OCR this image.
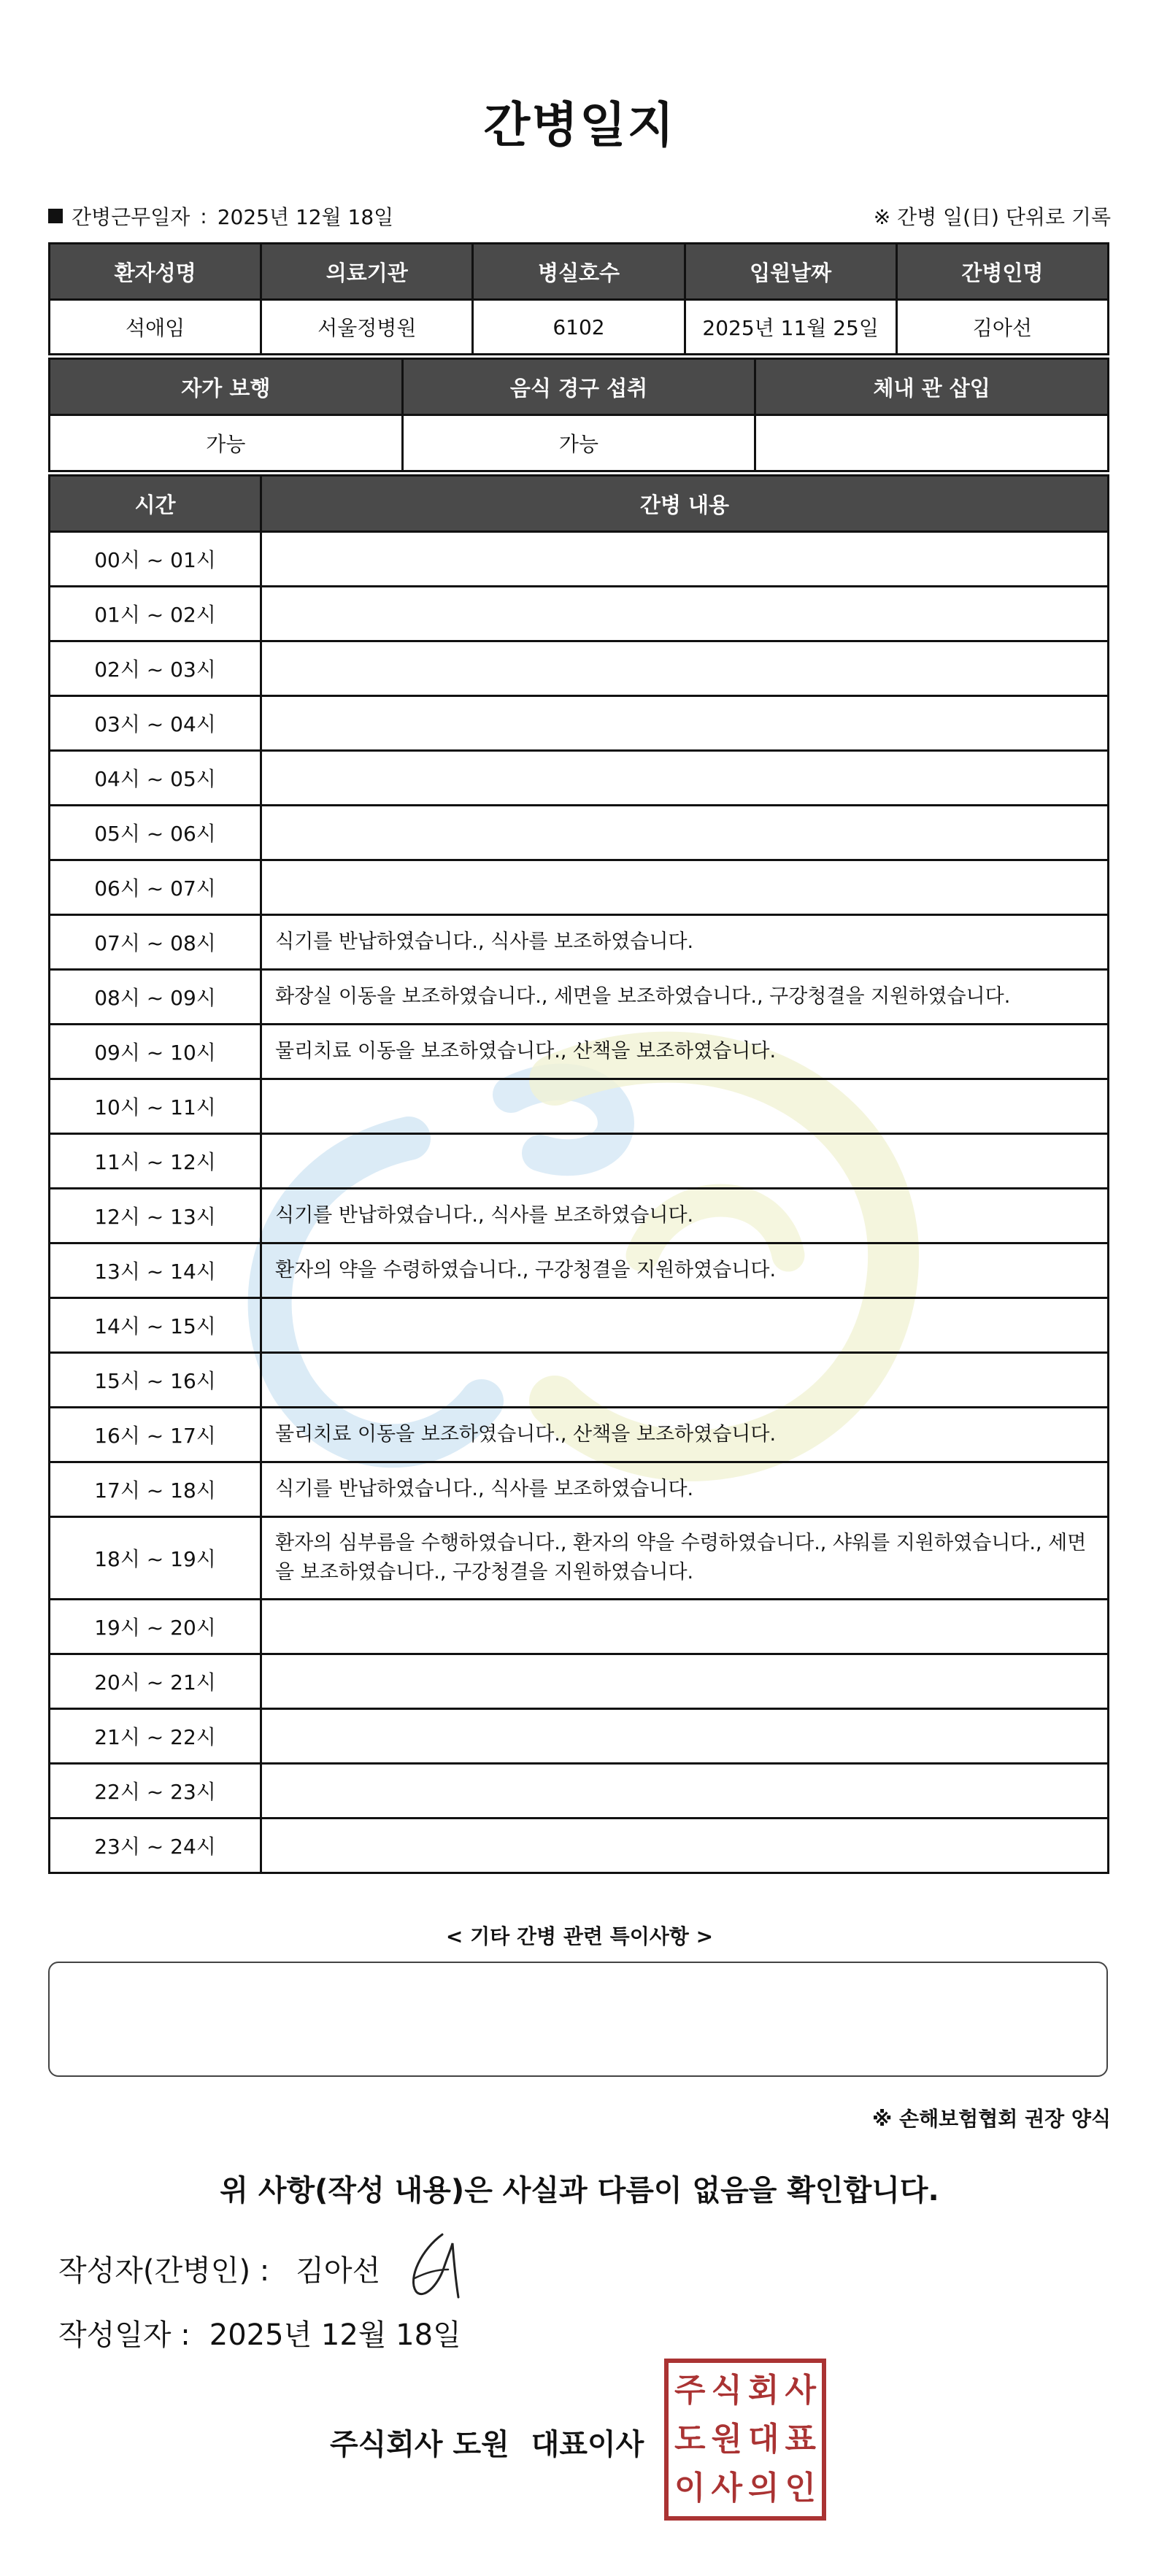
간병일지
간병근무일자 : 2025년 12월 18일	※ 간병 일(日) 단위로 기록
환자성명	의료기관	병실호수	입원날짜	간병인명
석애임	서울정병원	6102	2025년 11월 25일	김아선
자가 보행	음식 경구 섭취	체내 관 삽입
가능	가능	
시간	간병 내용
00시 ~ 01시	
01시 ~ 02시	
02시 ~ 03시	
03시 ~ 04시	
04시 ~ 05시	
05시 ~ 06시	
06시 ~ 07시	
07시 ~ 08시	식기를 반납하였습니다., 식사를 보조하였습니다.
08시 ~ 09시	화장실 이동을 보조하였습니다., 세면을 보조하였습니다., 구강청결을 지원하였습니다.
09시 ~ 10시	물리치료 이동을 보조하였습니다., 산책을 보조하였습니다.
10시 ~ 11시	
11시 ~ 12시	
12시 ~ 13시	식기를 반납하였습니다., 식사를 보조하였습니다.
13시 ~ 14시	환자의 약을 수령하였습니다., 구강청결을 지원하였습니다.
14시 ~ 15시	
15시 ~ 16시	
16시 ~ 17시	물리치료 이동을 보조하였습니다., 산책을 보조하였습니다.
17시 ~ 18시	식기를 반납하였습니다., 식사를 보조하였습니다.
18시 ~ 19시	환자의 심부름을 수행하였습니다., 환자의 약을 수령하였습니다., 샤워를 지원하였습니다., 세면을 보조하였습니다., 구강청결을 지원하였습니다.
19시 ~ 20시	
20시 ~ 21시	
21시 ~ 22시	
22시 ~ 23시	
23시 ~ 24시	
< 기타 간병 관련 특이사항 >
※ 손해보험협회 권장 양식
위 사항(작성 내용)은 사실과 다름이 없음을 확인합니다.
작성자(간병인) : 김아선
작성일자 : 2025년 12월 18일
주식회사 도원 대표이사
주 식 회 사
도 원 대 표
이 사 의 인
